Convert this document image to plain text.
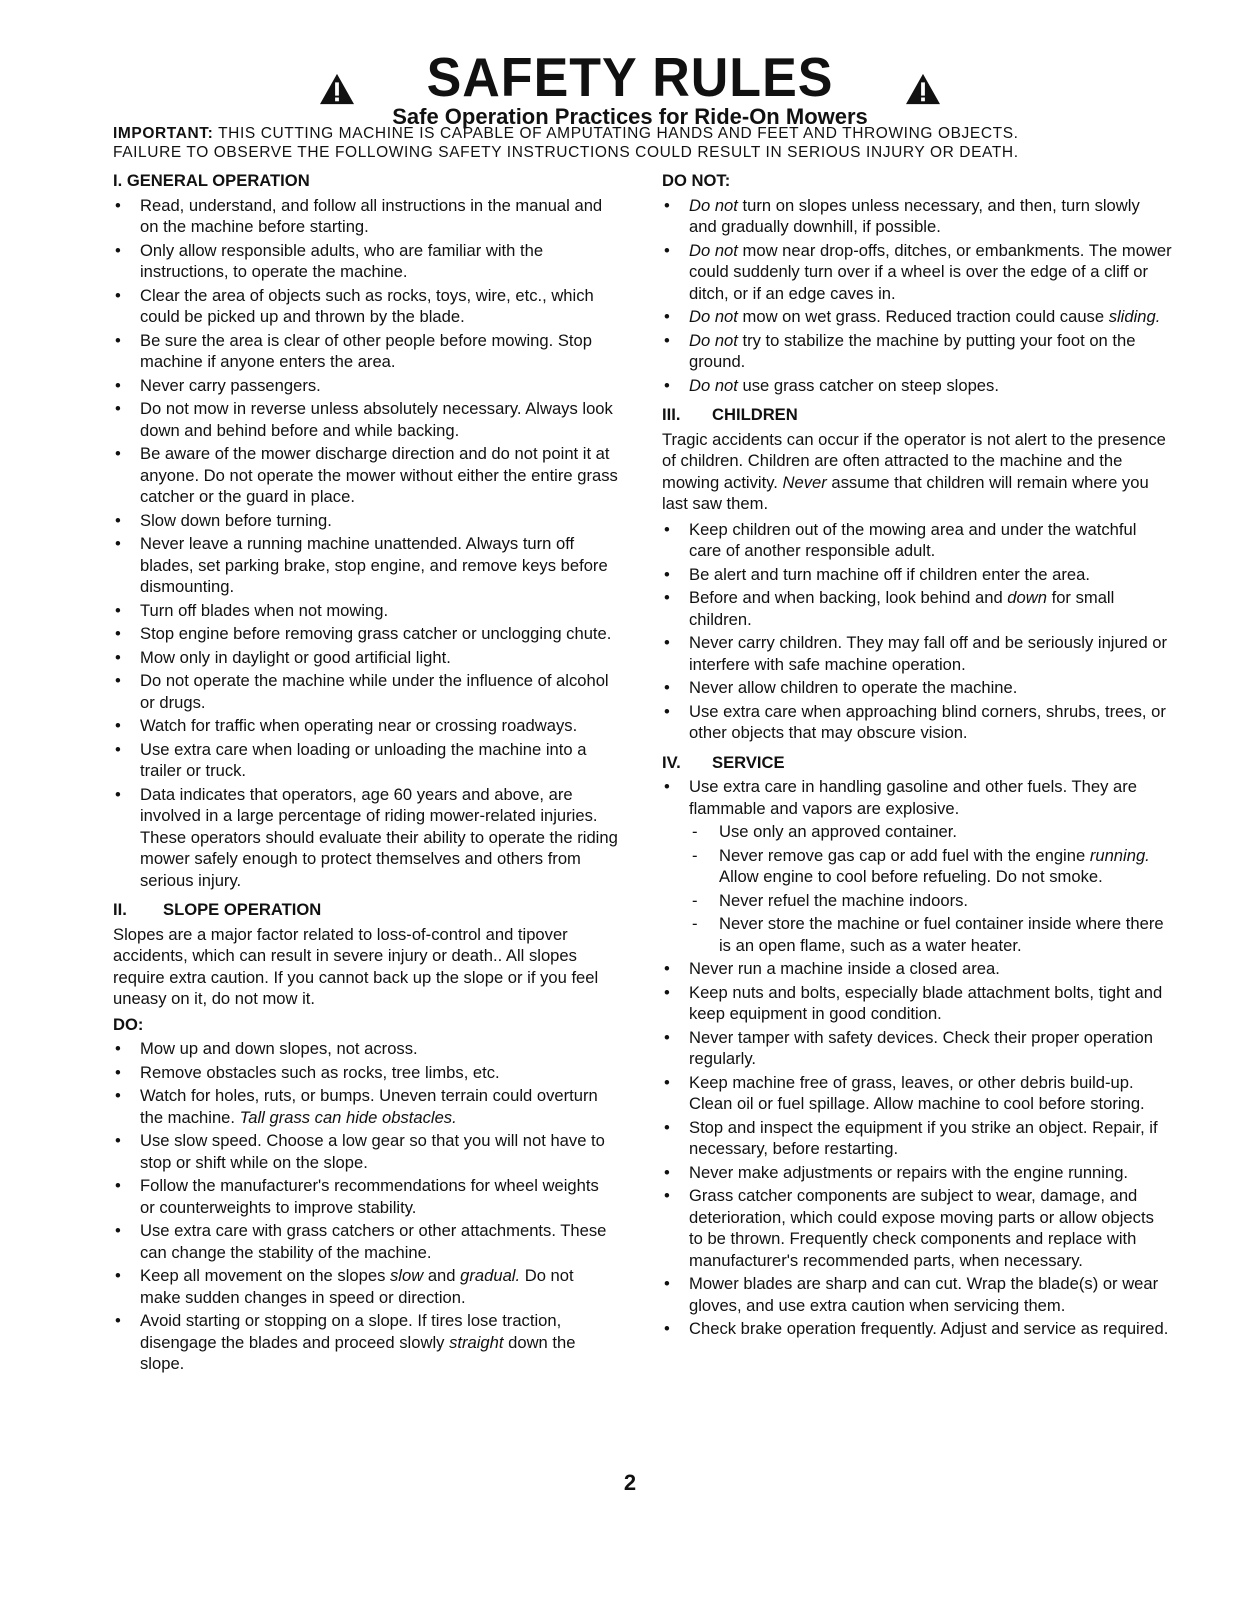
SAFETY RULES
Safe Operation Practices for Ride-On Mowers
IMPORTANT: THIS CUTTING MACHINE IS CAPABLE OF AMPUTATING HANDS AND FEET AND THROWING OBJECTS.
FAILURE TO OBSERVE THE FOLLOWING SAFETY INSTRUCTIONS COULD RESULT IN SERIOUS INJURY OR DEATH.
I. GENERAL OPERATION
• Read, understand, and follow all instructions in the manual and on the machine before starting.
• Only allow responsible adults, who are familiar with the instructions, to operate the machine.
• Clear the area of objects such as rocks, toys, wire, etc., which could be picked up and thrown by the blade.
• Be sure the area is clear of other people before mowing. Stop machine if anyone enters the area.
• Never carry passengers.
• Do not mow in reverse unless absolutely necessary. Always look down and behind before and while backing.
• Be aware of the mower discharge direction and do not point it at anyone. Do not operate the mower without either the entire grass catcher or the guard in place.
• Slow down before turning.
• Never leave a running machine unattended. Always turn off blades, set parking brake, stop engine, and remove keys before dismounting.
• Turn off blades when not mowing.
• Stop engine before removing grass catcher or unclogging chute.
• Mow only in daylight or good artificial light.
• Do not operate the machine while under the influence of alcohol or drugs.
• Watch for traffic when operating near or crossing roadways.
• Use extra care when loading or unloading the machine into a trailer or truck.
• Data indicates that operators, age 60 years and above, are involved in a large percentage of riding mower-related injuries. These operators should evaluate their ability to operate the riding mower safely enough to protect themselves and others from serious injury.
II. SLOPE OPERATION

Slopes are a major factor related to loss-of-control and tipover accidents, which can result in severe injury or death.. All slopes require extra caution. If you cannot back up the slope or if you feel uneasy on it, do not mow it.

DO:
• Mow up and down slopes, not across.
• Remove obstacles such as rocks, tree limbs, etc.
• Watch for holes, ruts, or bumps. Uneven terrain could overturn the machine. Tall grass can hide obstacles.
• Use slow speed. Choose a low gear so that you will not have to stop or shift while on the slope.
• Follow the manufacturer's recommendations for wheel weights or counterweights to improve stability.
• Use extra care with grass catchers or other attachments. These can change the stability of the machine.
• Keep all movement on the slopes slow and gradual. Do not make sudden changes in speed or direction.
• Avoid starting or stopping on a slope. If tires lose traction, disengage the blades and proceed slowly straight down the slope.
DO NOT:
• Do not turn on slopes unless necessary, and then, turn slowly and gradually downhill, if possible.
• Do not mow near drop-offs, ditches, or embankments. The mower could suddenly turn over if a wheel is over the edge of a cliff or ditch, or if an edge caves in.
• Do not mow on wet grass. Reduced traction could cause sliding.
• Do not try to stabilize the machine by putting your foot on the ground.
• Do not use grass catcher on steep slopes.
III. CHILDREN

Tragic accidents can occur if the operator is not alert to the presence of children. Children are often attracted to the machine and the mowing activity. Never assume that children will remain where you last saw them.

• Keep children out of the mowing area and under the watchful care of another responsible adult.
• Be alert and turn machine off if children enter the area.
• Before and when backing, look behind and down for small children.
• Never carry children. They may fall off and be seriously injured or interfere with safe machine operation.
• Never allow children to operate the machine.
• Use extra care when approaching blind corners, shrubs, trees, or other objects that may obscure vision.
IV. SERVICE
• Use extra care in handling gasoline and other fuels. They are flammable and vapors are explosive.
- Use only an approved container.
- Never remove gas cap or add fuel with the engine running. Allow engine to cool before refueling. Do not smoke.
- Never refuel the machine indoors.
- Never store the machine or fuel container inside where there is an open flame, such as a water heater.
• Never run a machine inside a closed area.
• Keep nuts and bolts, especially blade attachment bolts, tight and keep equipment in good condition.
• Never tamper with safety devices. Check their proper operation regularly.
• Keep machine free of grass, leaves, or other debris build-up. Clean oil or fuel spillage. Allow machine to cool before storing.
• Stop and inspect the equipment if you strike an object. Repair, if necessary, before restarting.
• Never make adjustments or repairs with the engine running.
• Grass catcher components are subject to wear, damage, and deterioration, which could expose moving parts or allow objects to be thrown. Frequently check components and replace with manufacturer's recommended parts, when necessary.
• Mower blades are sharp and can cut. Wrap the blade(s) or wear gloves, and use extra caution when servicing them.
• Check brake operation frequently. Adjust and service as required.
2
